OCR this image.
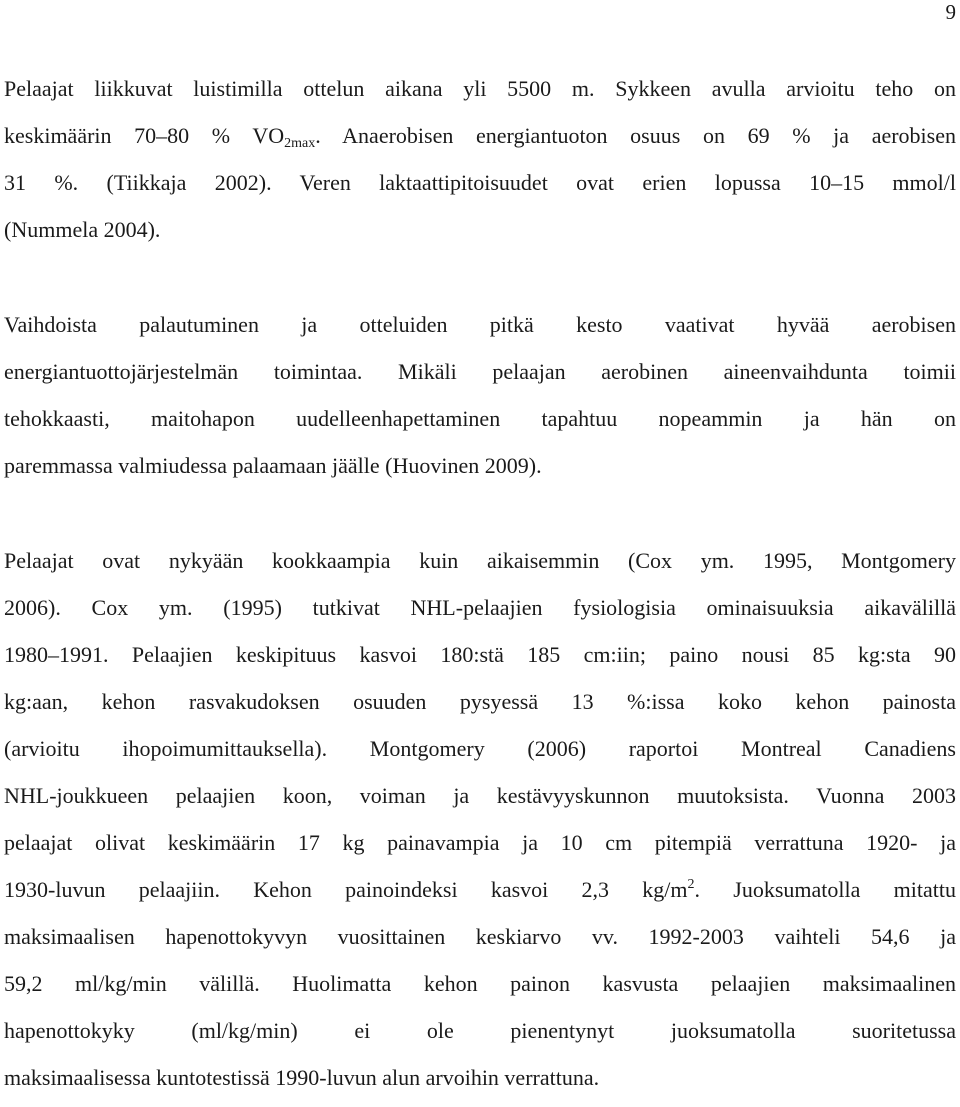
9

Pelaajat liikkuvat luistimilla ottelun aikana yli 5500 m. Sykkeen avulla arvioitu teho on
keskimäärin 70–80 % $VO_{2max}$. Anaerobisen energiantuoton osuus on 69 % ja aerobisen
31 %. (Tiikkaja 2002). Veren laktaattipitoisuudet ovat erien lopussa 10–15 mmol/l
(Nummela 2004).

Vaihdoista palautuminen ja otteluiden pitkä kesto vaativat hyvää aerobisen
energiantuottojärjestelmän toimintaa. Mikäli pelaajan aerobinen aineenvaihdunta toimii
tehokkaasti, maitohapon uudelleenhapettaminen tapahtuu nopeammin ja hän on
paremmassa valmiudessa palaamaan jäälle (Huovinen 2009).

Pelaajat ovat nykyään kookkaampia kuin aikaisemmin (Cox ym. 1995, Montgomery
2006). Cox ym. (1995) tutkivat NHL-pelaajien fysiologisia ominaisuuksia aikavälillä
1980–1991. Pelaajien keskipituus kasvoi 180:stä 185 cm:iin; paino nousi 85 kg:sta 90
kg:aan, kehon rasvakudoksen osuuden pysyessä 13 %:issa koko kehon painosta
(arvioitu ihopoimumittauksella). Montgomery (2006) raportoi Montreal Canadiens
NHL-joukkueen pelaajien koon, voiman ja kestävyyskunnon muutoksista. Vuonna 2003
pelaajat olivat keskimäärin 17 kg painavampia ja 10 cm pitempiä verrattuna 1920- ja
1930-luvun pelaajiin. Kehon painoindeksi kasvoi 2,3 $kg/m^2$. Juoksumatolla mitattu
maksimaalisen hapenottokyvyn vuosittainen keskiarvo vv. 1992-2003 vaihteli 54,6 ja
59,2 ml/kg/min välillä. Huolimatta kehon painon kasvusta pelaajien maksimaalinen
hapenottokyky (ml/kg/min) ei ole pienentynyt juoksumatolla suoritetussa
maksimaalisessa kuntotestissä 1990-luvun alun arvoihin verrattuna.
